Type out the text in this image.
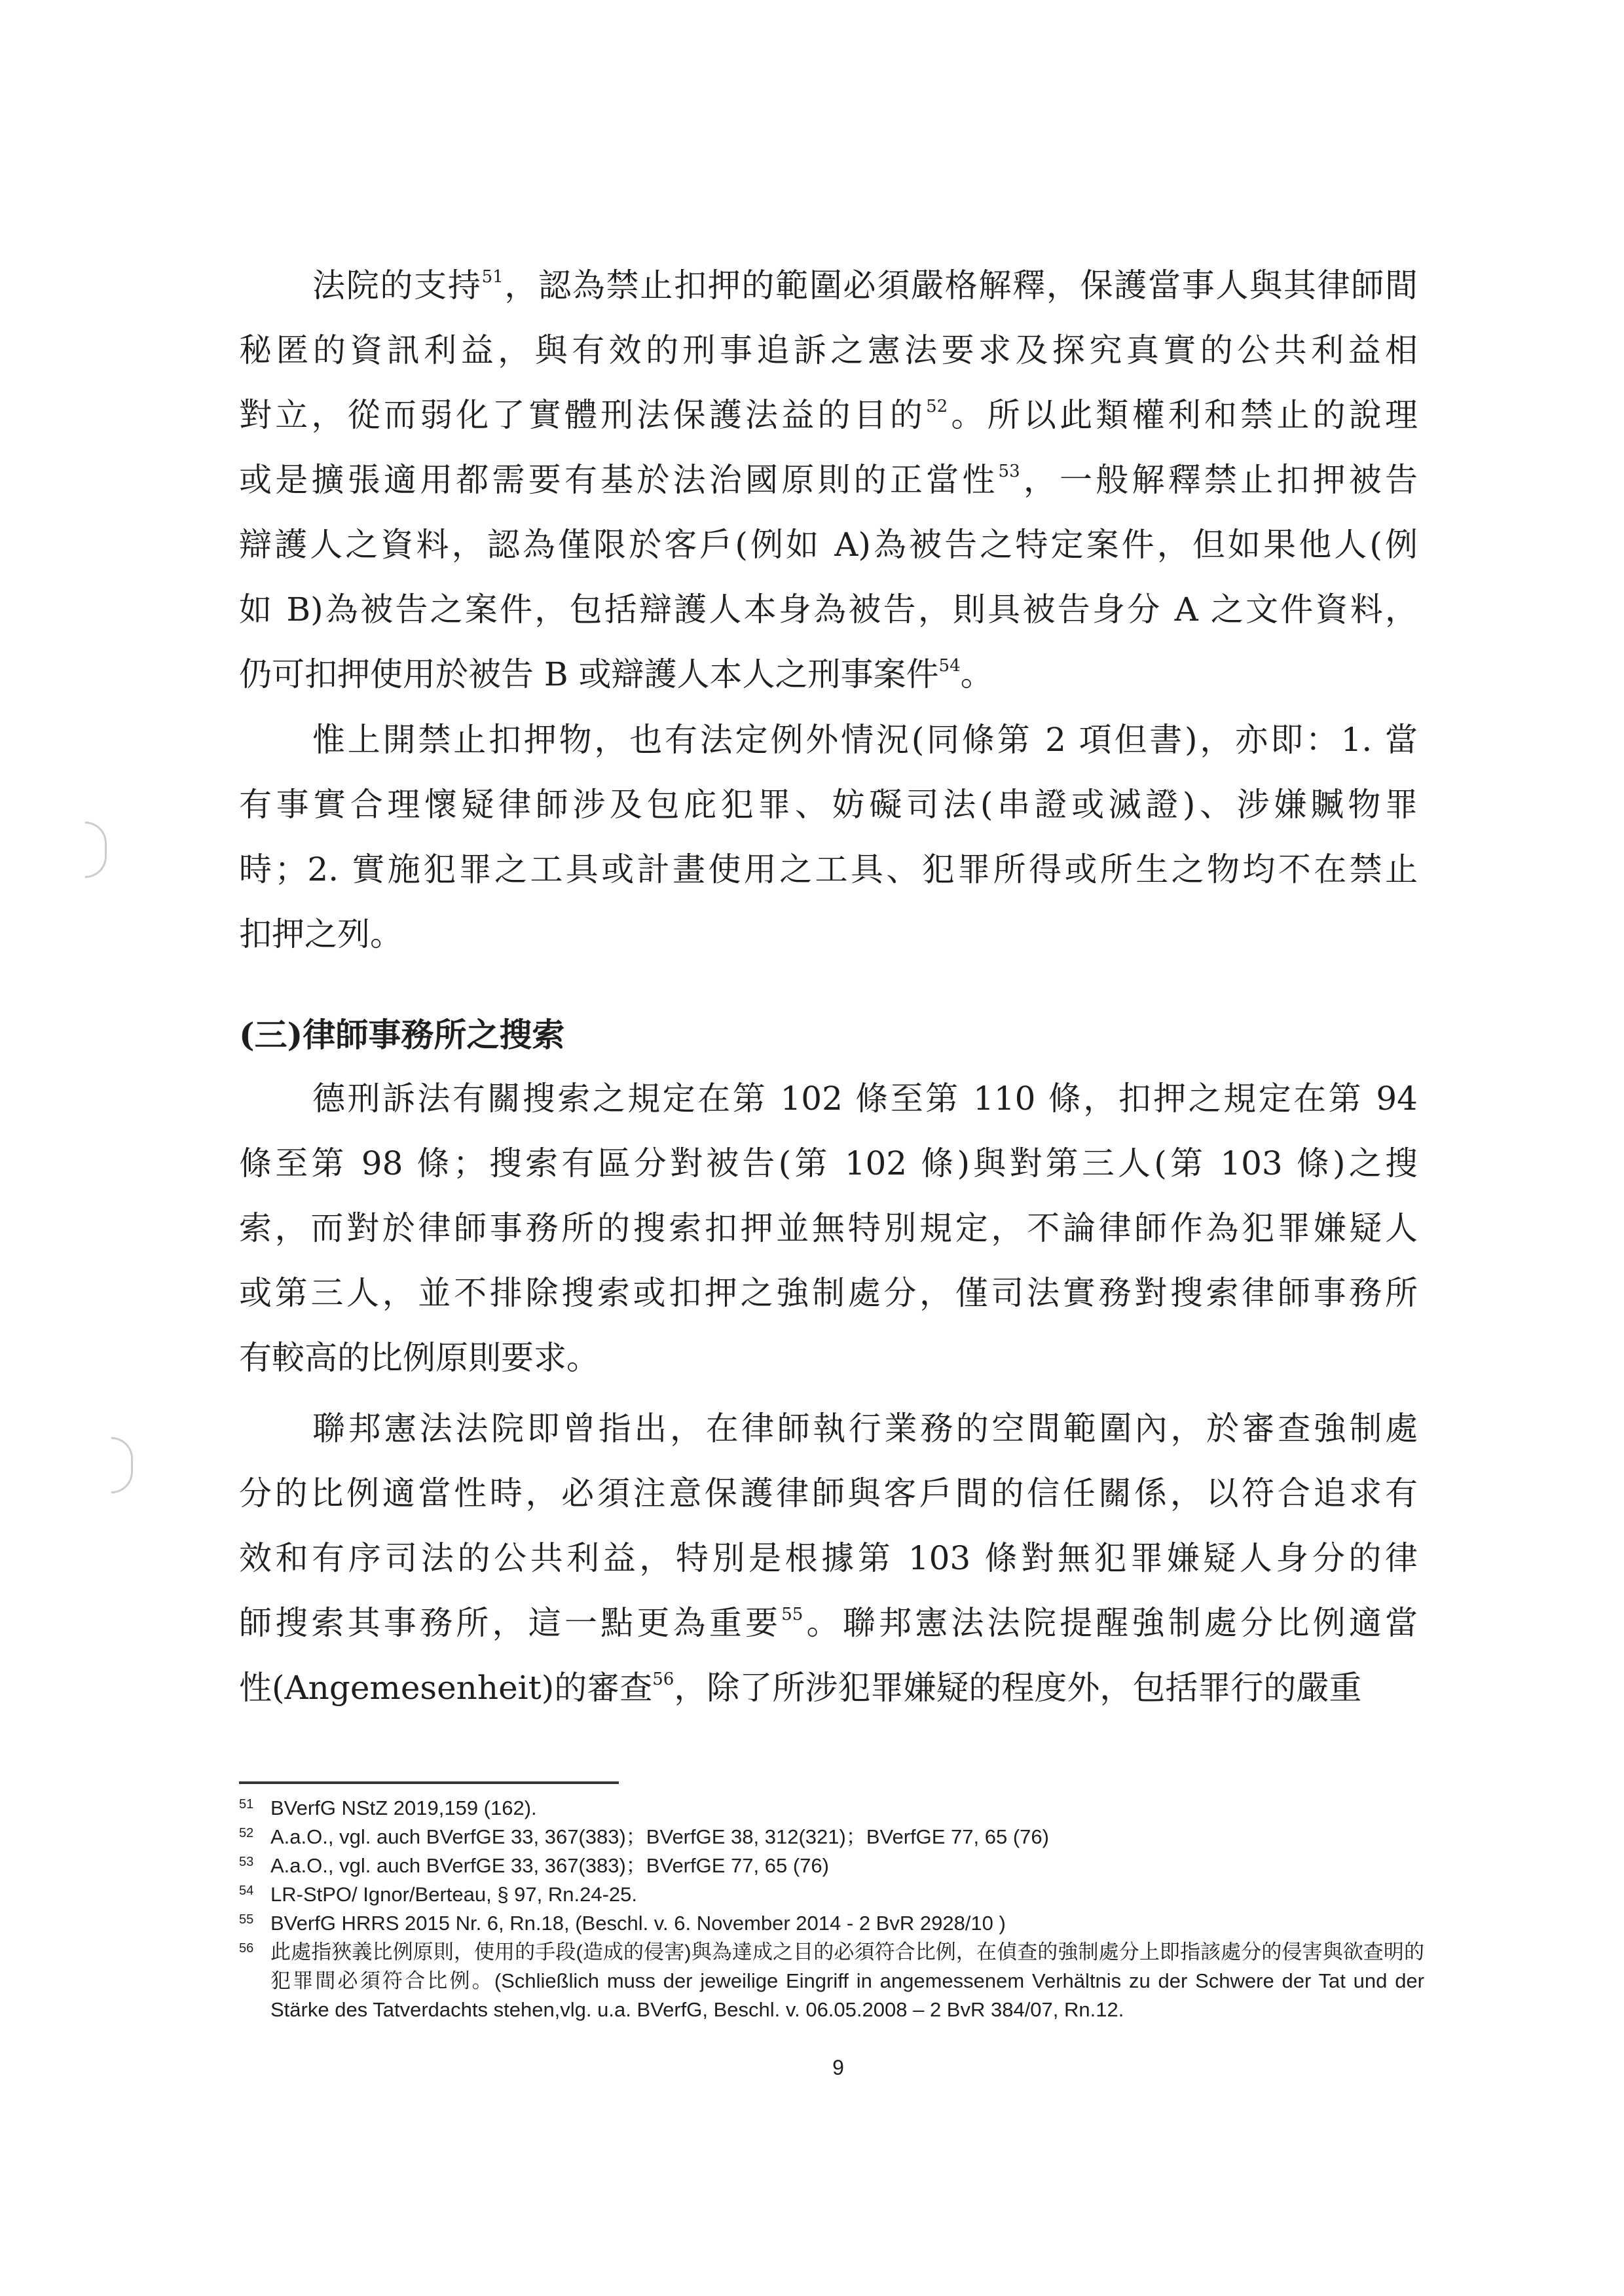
法院的支持$^{51}$，認為禁止扣押的範圍必須嚴格解釋，保護當事人與其律師間
秘匿的資訊利益，與有效的刑事追訴之憲法要求及探究真實的公共利益相
對立，從而弱化了實體刑法保護法益的目的$^{52}$。所以此類權利和禁止的說理
或是擴張適用都需要有基於法治國原則的正當性$^{53}$，一般解釋禁止扣押被告
辯護人之資料，認為僅限於客戶(例如 A)為被告之特定案件，但如果他人(例
如 B)為被告之案件，包括辯護人本身為被告，則具被告身分 A 之文件資料，
仍可扣押使用於被告 B 或辯護人本人之刑事案件$^{54}$。
惟上開禁止扣押物，也有法定例外情況(同條第 2 項但書)，亦即：1. 當
有事實合理懷疑律師涉及包庇犯罪、妨礙司法(串證或滅證)、涉嫌贓物罪
時；2. 實施犯罪之工具或計畫使用之工具、犯罪所得或所生之物均不在禁止
扣押之列。
(三)律師事務所之搜索
德刑訴法有關搜索之規定在第 102 條至第 110 條，扣押之規定在第 94
條至第 98 條；搜索有區分對被告(第 102 條)與對第三人(第 103 條)之搜
索，而對於律師事務所的搜索扣押並無特別規定，不論律師作為犯罪嫌疑人
或第三人，並不排除搜索或扣押之強制處分，僅司法實務對搜索律師事務所
有較高的比例原則要求。
聯邦憲法法院即曾指出，在律師執行業務的空間範圍內，於審查強制處
分的比例適當性時，必須注意保護律師與客戶間的信任關係，以符合追求有
效和有序司法的公共利益，特別是根據第 103 條對無犯罪嫌疑人身分的律
師搜索其事務所，這一點更為重要$^{55}$。聯邦憲法法院提醒強制處分比例適當
性(Angemesenheit)的審查$^{56}$，除了所涉犯罪嫌疑的程度外，包括罪行的嚴重
51 BVerfG NStZ 2019,159 (162).
52 A.a.O., vgl. auch BVerfGE 33, 367(383)；BVerfGE 38, 312(321)；BVerfGE 77, 65 (76)
53 A.a.O., vgl. auch BVerfGE 33, 367(383)；BVerfGE 77, 65 (76)
54 LR-StPO/ Ignor/Berteau, § 97, Rn.24-25.
55 BVerfG HRRS 2015 Nr. 6, Rn.18, (Beschl. v. 6. November 2014 - 2 BvR 2928/10 )
56 此處指狹義比例原則，使用的手段(造成的侵害)與為達成之目的必須符合比例，在偵查的強制處分上即指該處分的侵害與欲查明的犯罪間必須符合比例。(Schließlich muss der jeweilige Eingriff in angemessenem Verhältnis zu der Schwere der Tat und der Stärke des Tatverdachts stehen,vlg. u.a. BVerfG, Beschl. v. 06.05.2008 – 2 BvR 384/07, Rn.12.
9
